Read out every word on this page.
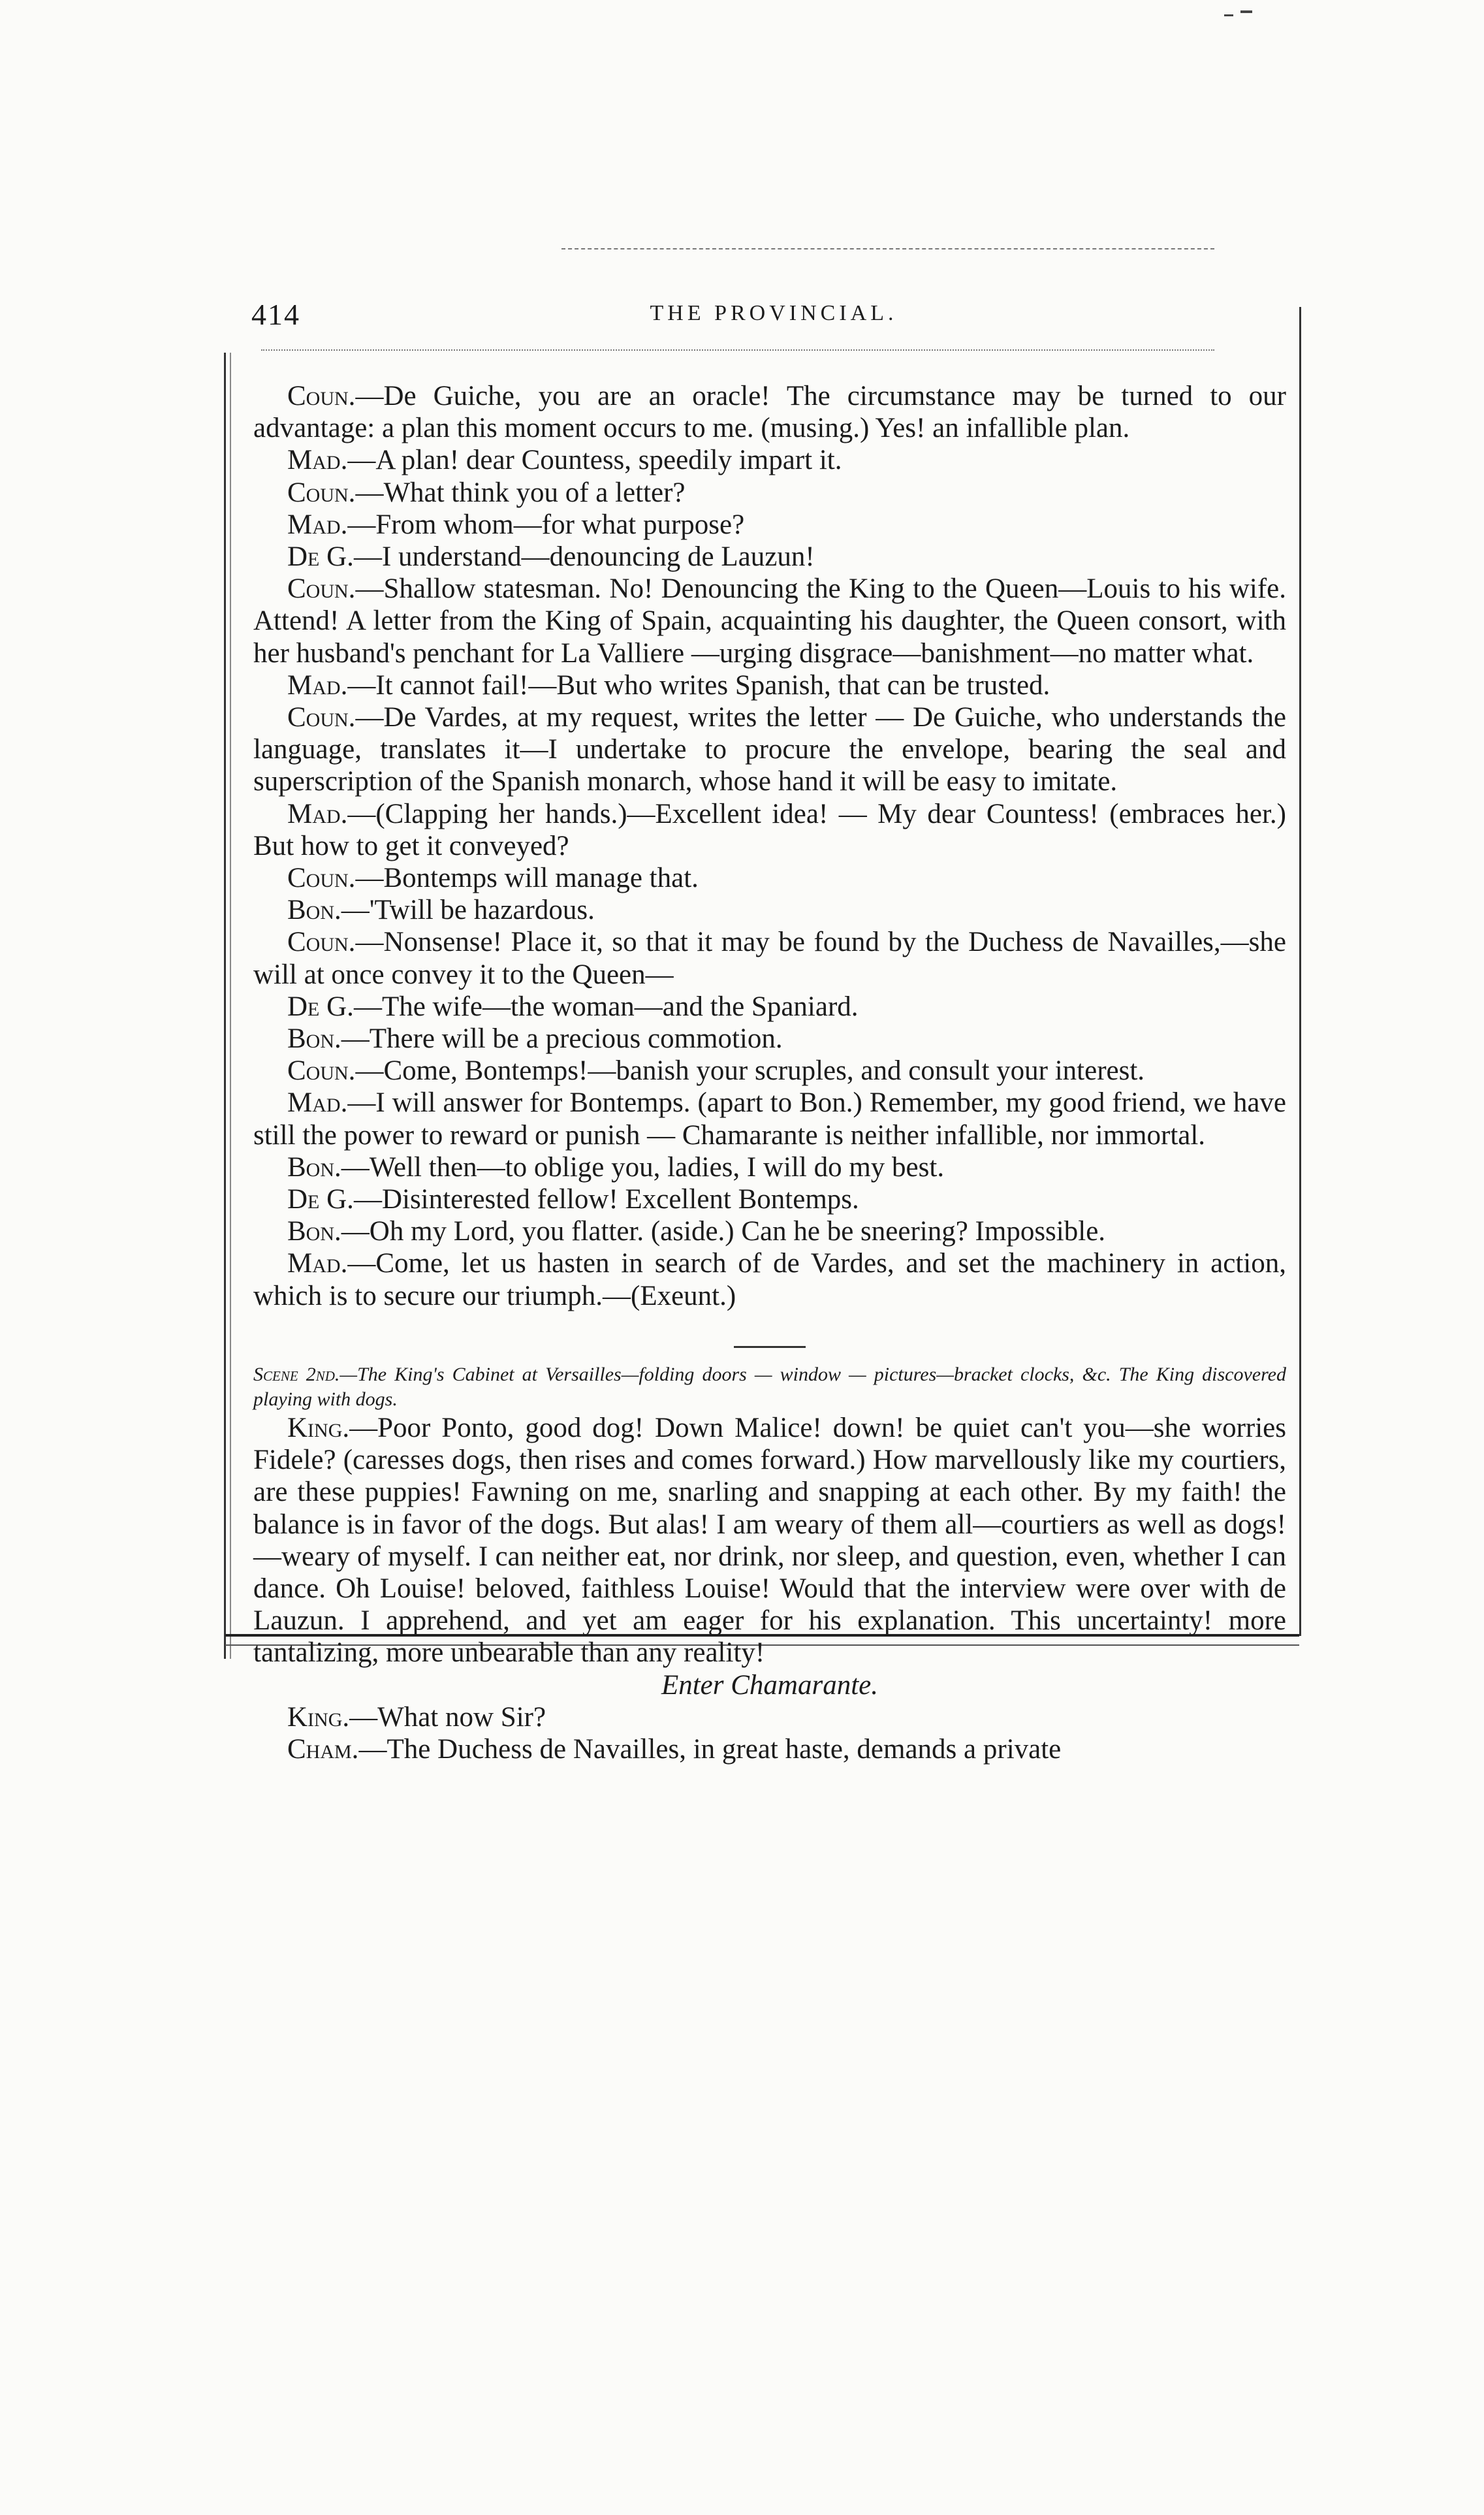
414	THE PROVINCIAL.

Coun.—De Guiche, you are an oracle! The circumstance may be turned to our advantage: a plan this moment occurs to me. (musing.) Yes! an infallible plan.

Mad.—A plan! dear Countess, speedily impart it.

Coun.—What think you of a letter?

Mad.—From whom—for what purpose?

De G.—I understand—denouncing de Lauzun!

Coun.—Shallow statesman. No! Denouncing the King to the Queen—Louis to his wife. Attend! A letter from the King of Spain, acquainting his daughter, the Queen consort, with her husband's penchant for La Valliere —urging disgrace—banishment—no matter what.

Mad.—It cannot fail!—But who writes Spanish, that can be trusted.

Coun.—De Vardes, at my request, writes the letter — De Guiche, who understands the language, translates it—I undertake to procure the envelope, bearing the seal and superscription of the Spanish monarch, whose hand it will be easy to imitate.

Mad.—(Clapping her hands.)—Excellent idea! — My dear Countess! (embraces her.) But how to get it conveyed?

Coun.—Bontemps will manage that.

Bon.—'Twill be hazardous.

Coun.—Nonsense! Place it, so that it may be found by the Duchess de Navailles,—she will at once convey it to the Queen—

De G.—The wife—the woman—and the Spaniard.

Bon.—There will be a precious commotion.

Coun.—Come, Bontemps!—banish your scruples, and consult your interest.

Mad.—I will answer for Bontemps. (apart to Bon.) Remember, my good friend, we have still the power to reward or punish — Chamarante is neither infallible, nor immortal.

Bon.—Well then—to oblige you, ladies, I will do my best.

De G.—Disinterested fellow! Excellent Bontemps.

Bon.—Oh my Lord, you flatter. (aside.) Can he be sneering? Impossible.

Mad.—Come, let us hasten in search of de Vardes, and set the machinery in action, which is to secure our triumph.—(Exeunt.)

Scene 2nd.—The King's Cabinet at Versailles—folding doors — window — pictures—bracket clocks, &c. The King discovered playing with dogs.

King.—Poor Ponto, good dog! Down Malice! down! be quiet can't you—she worries Fidele? (caresses dogs, then rises and comes forward.) How marvellously like my courtiers, are these puppies! Fawning on me, snarling and snapping at each other. By my faith! the balance is in favor of the dogs. But alas! I am weary of them all—courtiers as well as dogs!—weary of myself. I can neither eat, nor drink, nor sleep, and question, even, whether I can dance. Oh Louise! beloved, faithless Louise! Would that the interview were over with de Lauzun. I apprehend, and yet am eager for his explanation. This uncertainty! more tantalizing, more unbearable than any reality!

Enter Chamarante.

King.—What now Sir?

Cham.—The Duchess de Navailles, in great haste, demands a private
